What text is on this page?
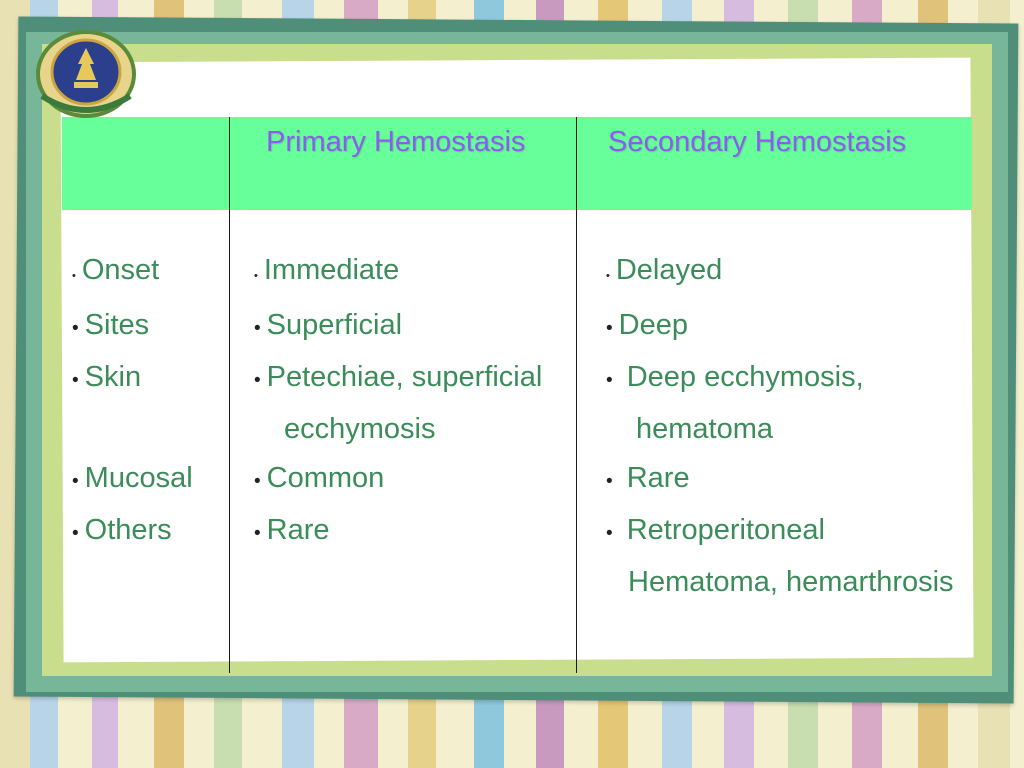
Primary Hemostasis	Secondary Hemostasis
• Onset
• Sites
• Skin

• Mucosal
• Others
• Immediate
• Superficial
• Petechiae, superficial
ecchymosis
• Common
• Rare
• Delayed
• Deep
• Deep ecchymosis,
hematoma
• Rare
• Retroperitoneal
Hematoma, hemarthrosis
